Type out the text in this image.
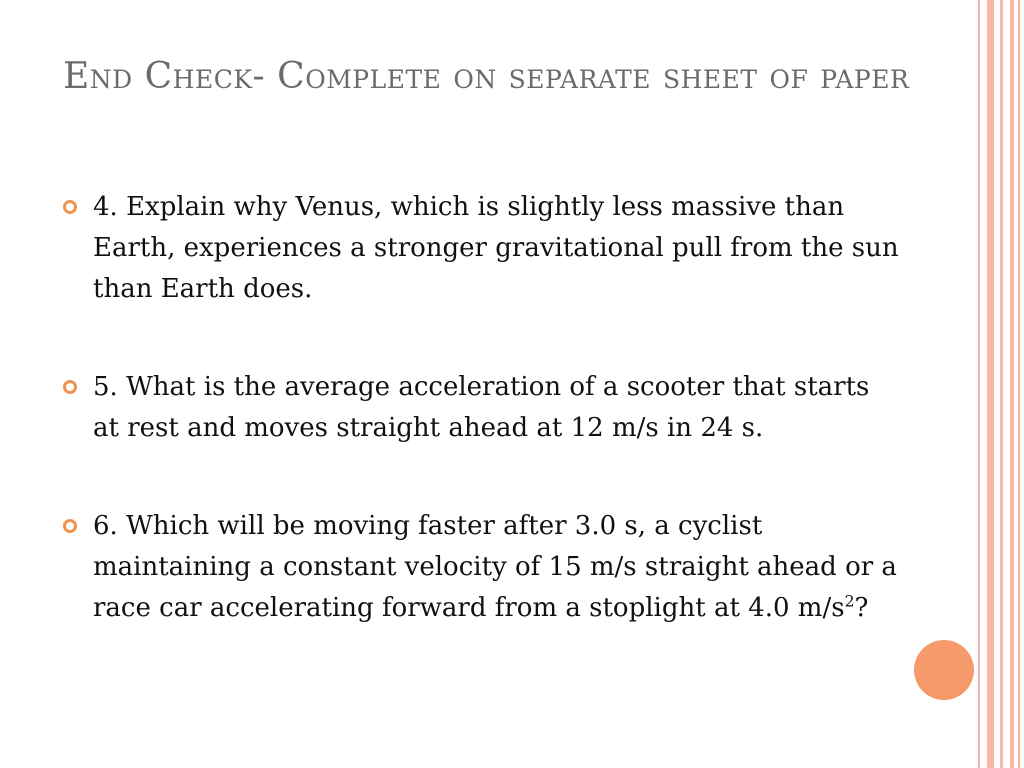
End Check- Complete on separate sheet of paper
4. Explain why Venus, which is slightly less massive than Earth, experiences a stronger gravitational pull from the sun than Earth does.
5. What is the average acceleration of a scooter that starts at rest and moves straight ahead at 12 m/s in 24 s.
6. Which will be moving faster after 3.0 s, a cyclist maintaining a constant velocity of 15 m/s straight ahead or a race car accelerating forward from a stoplight at 4.0 $m/s^2$?
